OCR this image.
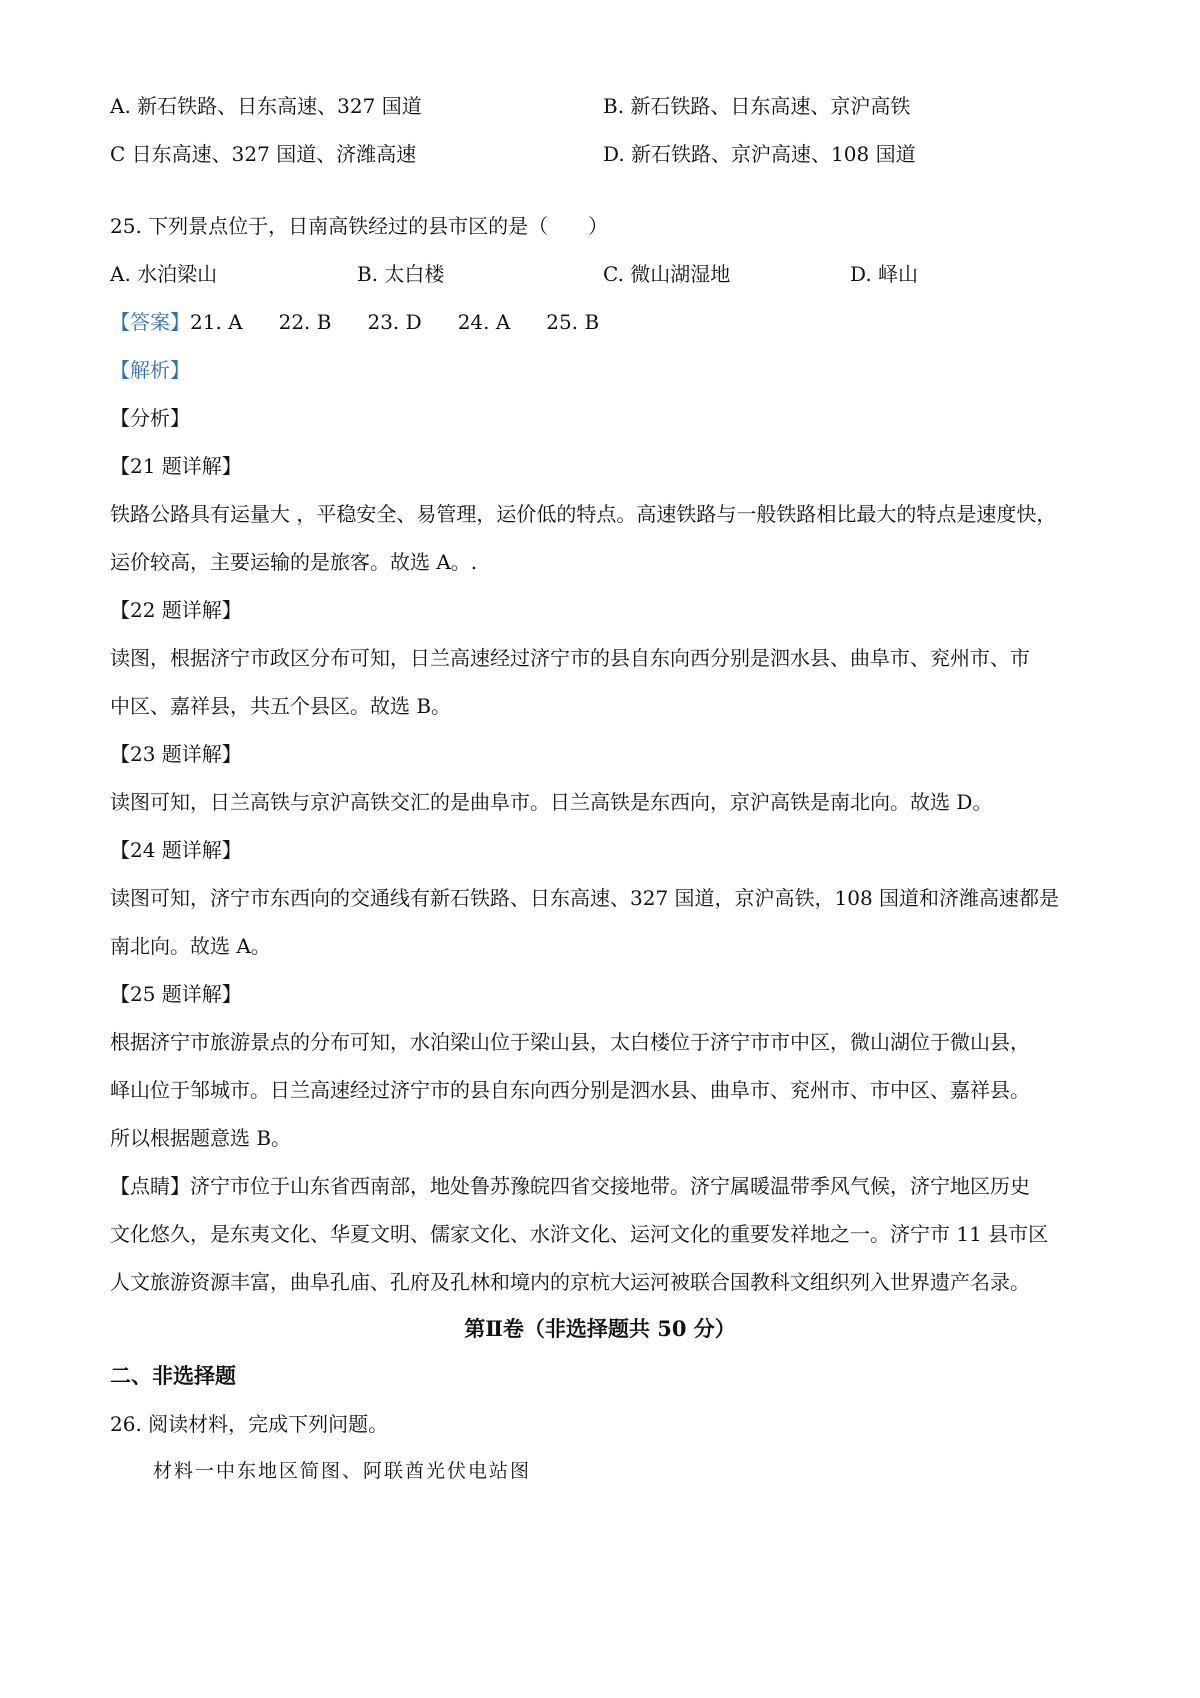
A. 新石铁路、日东高速、327 国道	B. 新石铁路、日东高速、京沪高铁
C 日东高速、327 国道、济潍高速	D. 新石铁路、京沪高速、108 国道
25. 下列景点位于，日南高铁经过的县市区的是（　　）
A. 水泊梁山	B. 太白楼	C. 微山湖湿地	D. 峄山
【答案】21. A 22. B 23. D 24. A 25. B
【解析】
【分析】
【21 题详解】
铁路公路具有运量大 ，平稳安全、易管理，运价低的特点。高速铁路与一般铁路相比最大的特点是速度快，
运价较高，主要运输的是旅客。故选 A。.
【22 题详解】
读图，根据济宁市政区分布可知，日兰高速经过济宁市的县自东向西分别是泗水县、曲阜市、兖州市、市
中区、嘉祥县，共五个县区。故选 B。
【23 题详解】
读图可知，日兰高铁与京沪高铁交汇的是曲阜市。日兰高铁是东西向，京沪高铁是南北向。故选 D。
【24 题详解】
读图可知，济宁市东西向的交通线有新石铁路、日东高速、327 国道，京沪高铁，108 国道和济潍高速都是
南北向。故选 A。
【25 题详解】
根据济宁市旅游景点的分布可知，水泊梁山位于梁山县，太白楼位于济宁市市中区，微山湖位于微山县，
峄山位于邹城市。日兰高速经过济宁市的县自东向西分别是泗水县、曲阜市、兖州市、市中区、嘉祥县。
所以根据题意选 B。
【点睛】济宁市位于山东省西南部，地处鲁苏豫皖四省交接地带。济宁属暖温带季风气候，济宁地区历史
文化悠久，是东夷文化、华夏文明、儒家文化、水浒文化、运河文化的重要发祥地之一。济宁市 11 县市区
人文旅游资源丰富，曲阜孔庙、孔府及孔林和境内的京杭大运河被联合国教科文组织列入世界遗产名录。
第Ⅱ卷（非选择题共 50 分）
二、非选择题
26. 阅读材料，完成下列问题。
材料一中东地区简图、阿联酋光伏电站图
